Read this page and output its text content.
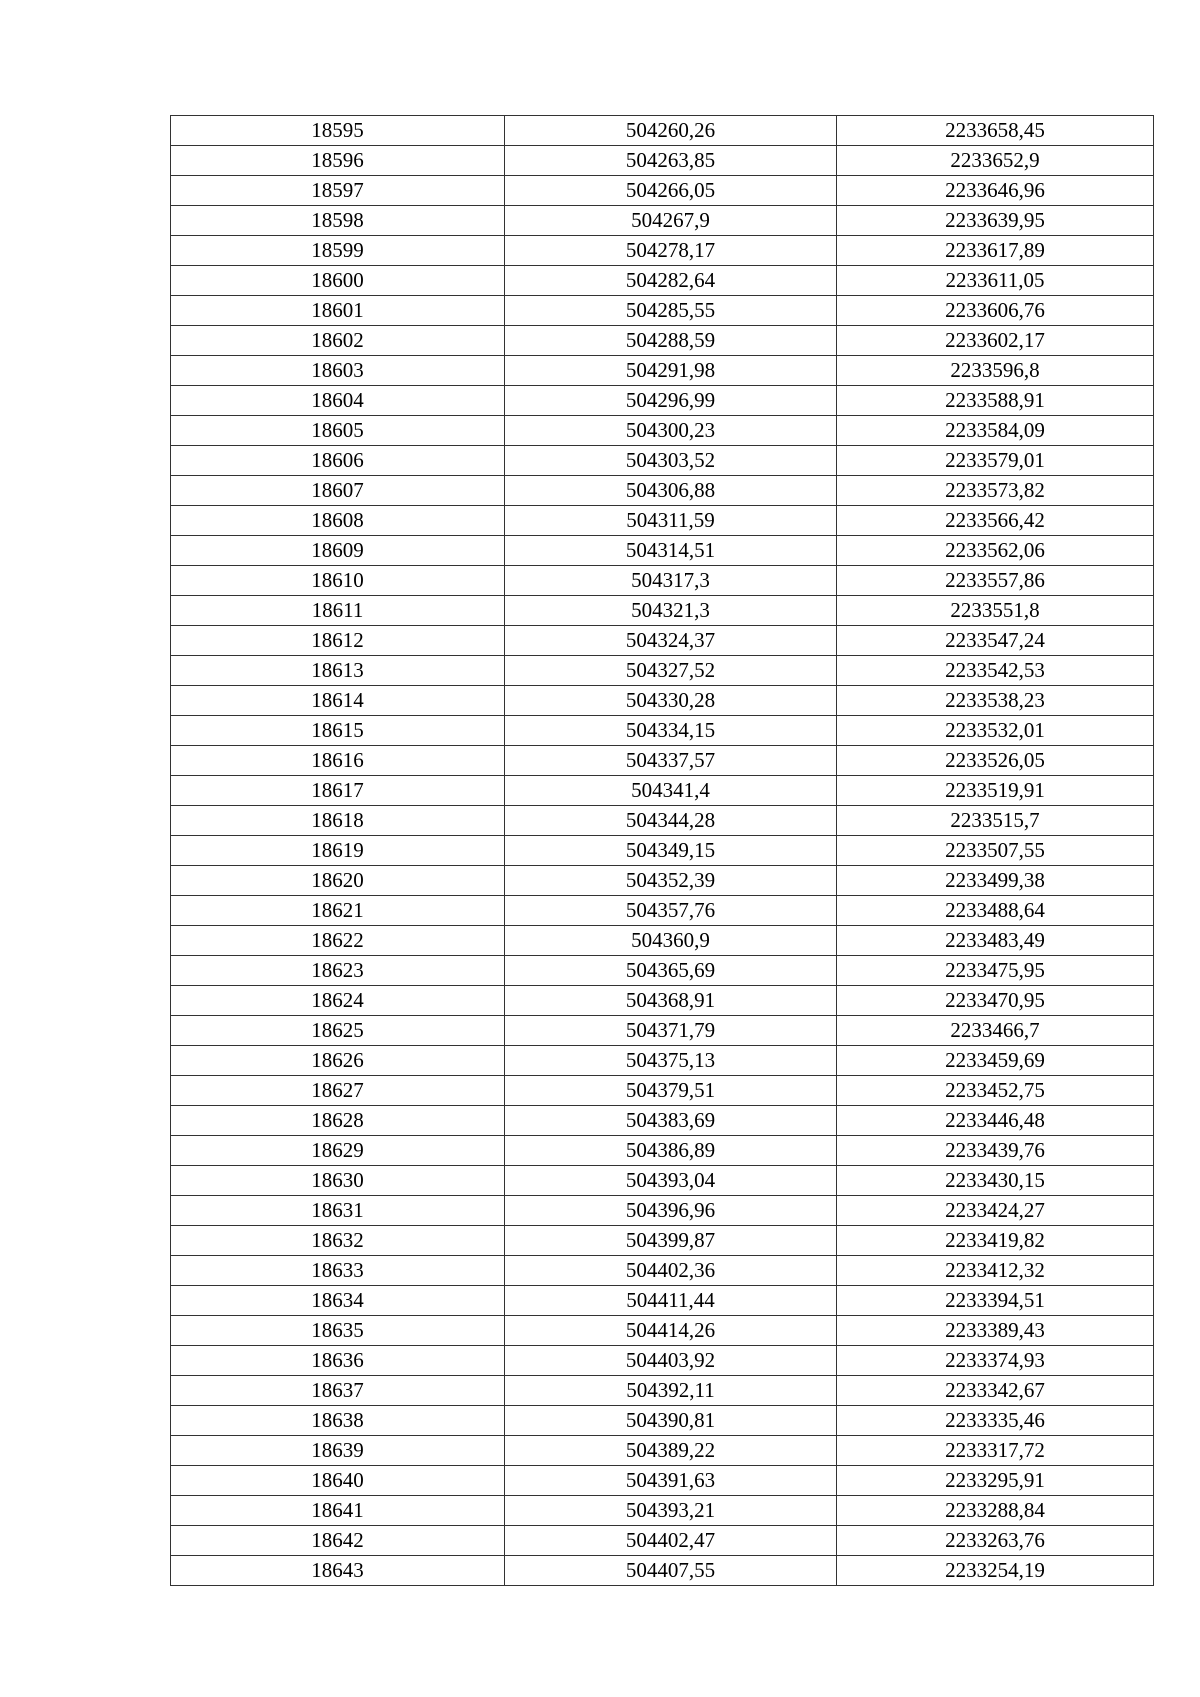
18595	504260,26	2233658,45
18596	504263,85	2233652,9
18597	504266,05	2233646,96
18598	504267,9	2233639,95
18599	504278,17	2233617,89
18600	504282,64	2233611,05
18601	504285,55	2233606,76
18602	504288,59	2233602,17
18603	504291,98	2233596,8
18604	504296,99	2233588,91
18605	504300,23	2233584,09
18606	504303,52	2233579,01
18607	504306,88	2233573,82
18608	504311,59	2233566,42
18609	504314,51	2233562,06
18610	504317,3	2233557,86
18611	504321,3	2233551,8
18612	504324,37	2233547,24
18613	504327,52	2233542,53
18614	504330,28	2233538,23
18615	504334,15	2233532,01
18616	504337,57	2233526,05
18617	504341,4	2233519,91
18618	504344,28	2233515,7
18619	504349,15	2233507,55
18620	504352,39	2233499,38
18621	504357,76	2233488,64
18622	504360,9	2233483,49
18623	504365,69	2233475,95
18624	504368,91	2233470,95
18625	504371,79	2233466,7
18626	504375,13	2233459,69
18627	504379,51	2233452,75
18628	504383,69	2233446,48
18629	504386,89	2233439,76
18630	504393,04	2233430,15
18631	504396,96	2233424,27
18632	504399,87	2233419,82
18633	504402,36	2233412,32
18634	504411,44	2233394,51
18635	504414,26	2233389,43
18636	504403,92	2233374,93
18637	504392,11	2233342,67
18638	504390,81	2233335,46
18639	504389,22	2233317,72
18640	504391,63	2233295,91
18641	504393,21	2233288,84
18642	504402,47	2233263,76
18643	504407,55	2233254,19
